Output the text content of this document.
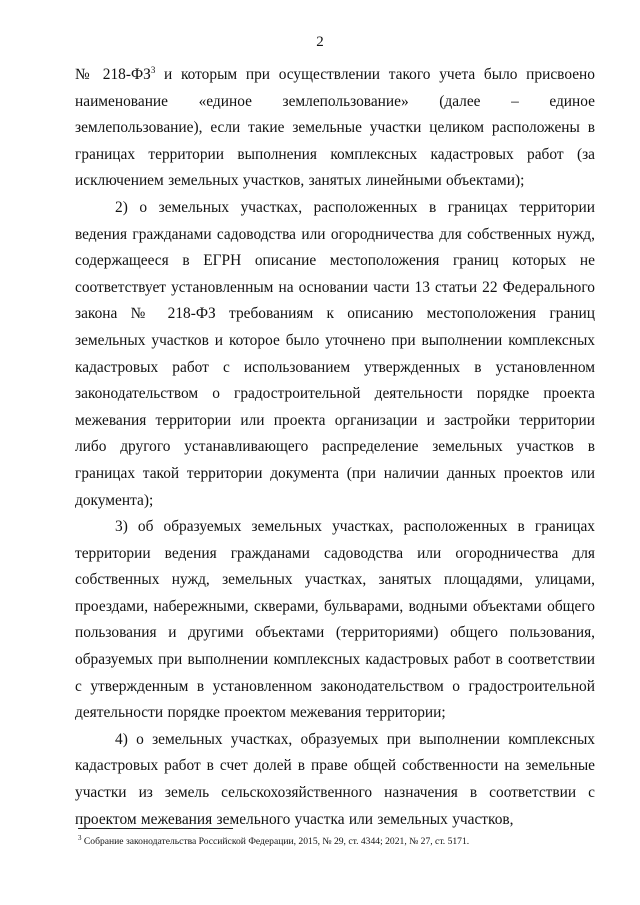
2

№ $218-ФЗ^3$ и которым при осуществлении такого учета было присвоено наименование «единое землепользование» (далее – единое землепользование), если такие земельные участки целиком расположены в границах территории выполнения комплексных кадастровых работ (за исключением земельных участков, занятых линейными объектами);

2) о земельных участках, расположенных в границах территории ведения гражданами садоводства или огородничества для собственных нужд, содержащееся в ЕГРН описание местоположения границ которых не соответствует установленным на основании части 13 статьи 22 Федерального закона № 218-ФЗ требованиям к описанию местоположения границ земельных участков и которое было уточнено при выполнении комплексных кадастровых работ с использованием утвержденных в установленном законодательством о градостроительной деятельности порядке проекта межевания территории или проекта организации и застройки территории либо другого устанавливающего распределение земельных участков в границах такой территории документа (при наличии данных проектов или документа);

3) об образуемых земельных участках, расположенных в границах территории ведения гражданами садоводства или огородничества для собственных нужд, земельных участках, занятых площадями, улицами, проездами, набережными, скверами, бульварами, водными объектами общего пользования и другими объектами (территориями) общего пользования, образуемых при выполнении комплексных кадастровых работ в соответствии с утвержденным в установленном законодательством о градостроительной деятельности порядке проектом межевания территории;

4) о земельных участках, образуемых при выполнении комплексных кадастровых работ в счет долей в праве общей собственности на земельные участки из земель сельскохозяйственного назначения в соответствии с проектом межевания земельного участка или земельных участков,

$^3$ Собрание законодательства Российской Федерации, 2015, № 29, ст. 4344; 2021, № 27, ст. 5171.
